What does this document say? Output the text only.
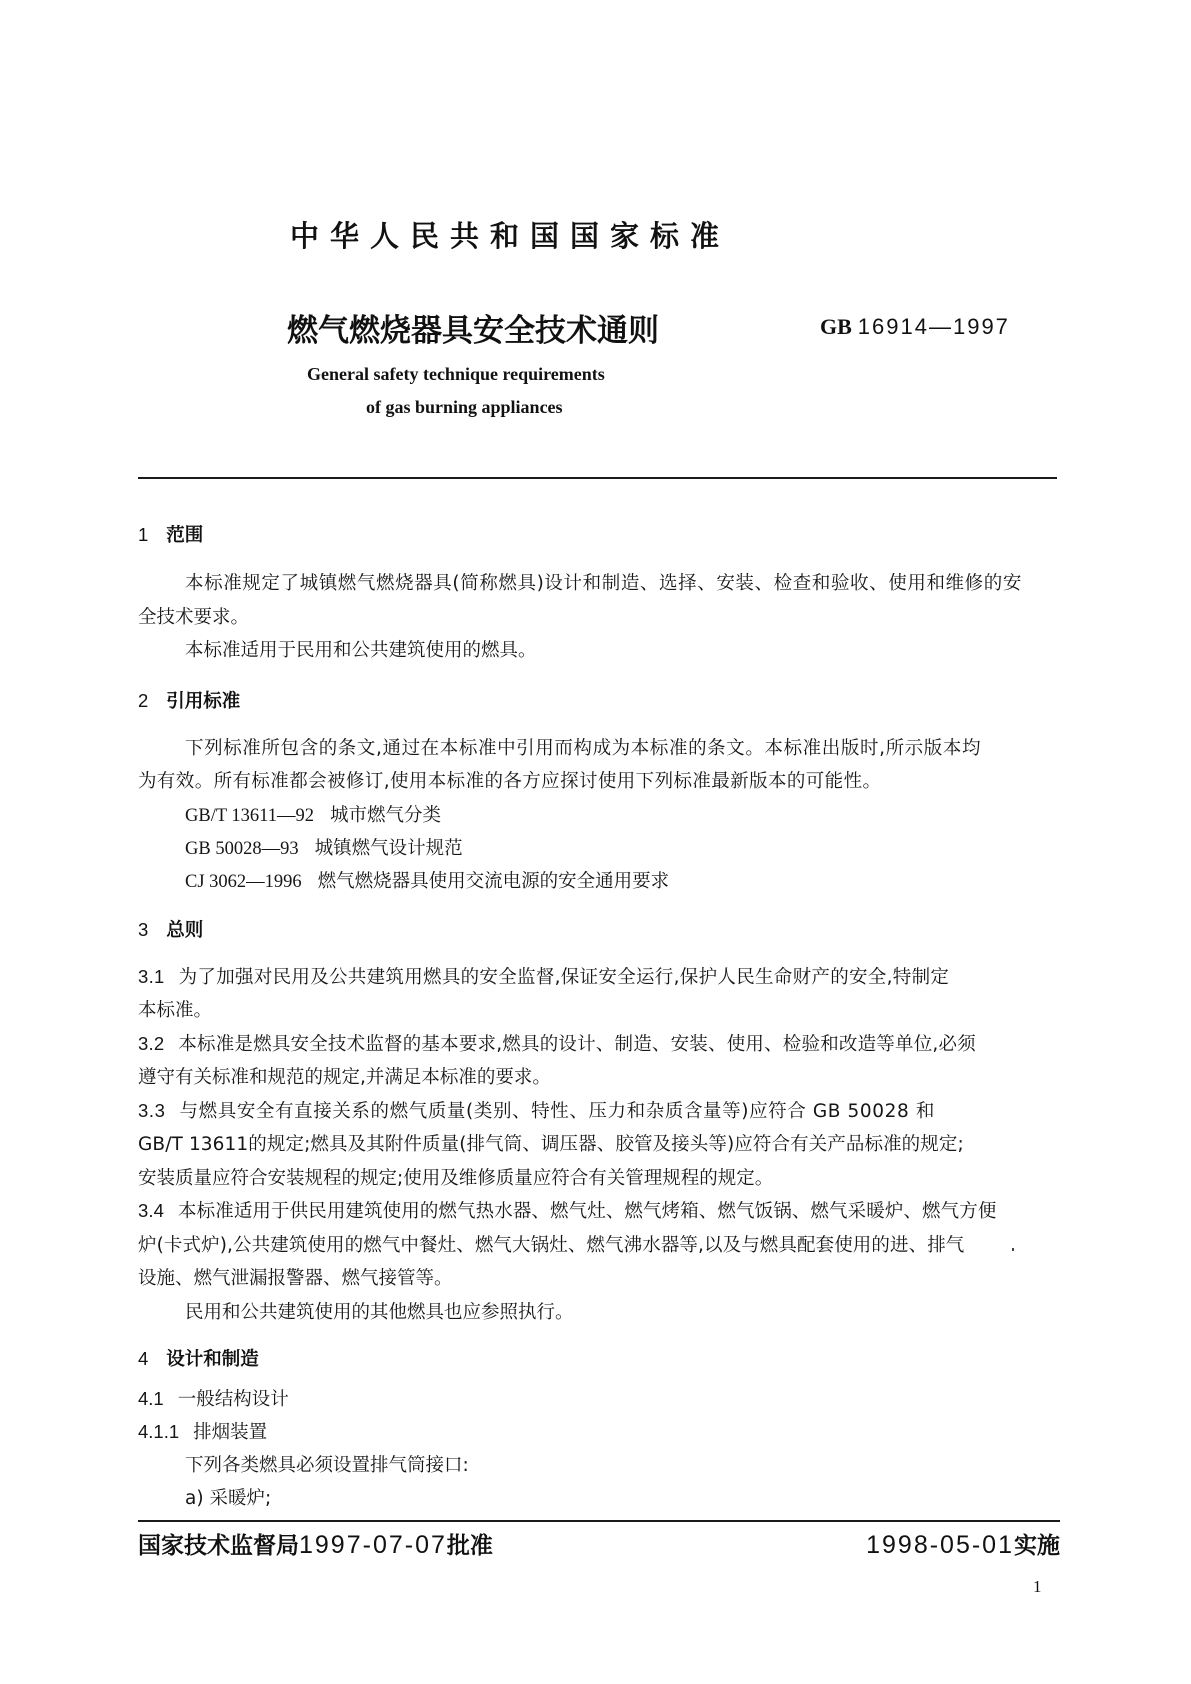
中华人民共和国国家标准
燃气燃烧器具安全技术通则	GB 16914—1997
General safety technique requirements
of gas burning appliances
1 范围
本标准规定了城镇燃气燃烧器具(简称燃具)设计和制造、选择、安装、检查和验收、使用和维修的安
全技术要求。
本标准适用于民用和公共建筑使用的燃具。
2 引用标准
下列标准所包含的条文,通过在本标准中引用而构成为本标准的条文。本标准出版时,所示版本均
为有效。所有标准都会被修订,使用本标准的各方应探讨使用下列标准最新版本的可能性。
GB/T 13611—92 城市燃气分类
GB 50028—93 城镇燃气设计规范
CJ 3062—1996 燃气燃烧器具使用交流电源的安全通用要求
3 总则
3.1 为了加强对民用及公共建筑用燃具的安全监督,保证安全运行,保护人民生命财产的安全,特制定
本标准。
3.2 本标准是燃具安全技术监督的基本要求,燃具的设计、制造、安装、使用、检验和改造等单位,必须
遵守有关标准和规范的规定,并满足本标准的要求。
3.3 与燃具安全有直接关系的燃气质量(类别、特性、压力和杂质含量等)应符合 GB 50028 和
GB/T 13611的规定;燃具及其附件质量(排气筒、调压器、胶管及接头等)应符合有关产品标准的规定;
安装质量应符合安装规程的规定;使用及维修质量应符合有关管理规程的规定。
3.4 本标准适用于供民用建筑使用的燃气热水器、燃气灶、燃气烤箱、燃气饭锅、燃气采暖炉、燃气方便
炉(卡式炉),公共建筑使用的燃气中餐灶、燃气大锅灶、燃气沸水器等,以及与燃具配套使用的进、排气
设施、燃气泄漏报警器、燃气接管等。
民用和公共建筑使用的其他燃具也应参照执行。
4 设计和制造
4.1 一般结构设计
4.1.1 排烟装置
下列各类燃具必须设置排气筒接口:
a) 采暖炉;
国家技术监督局1997-07-07批准	1998-05-01实施
1
